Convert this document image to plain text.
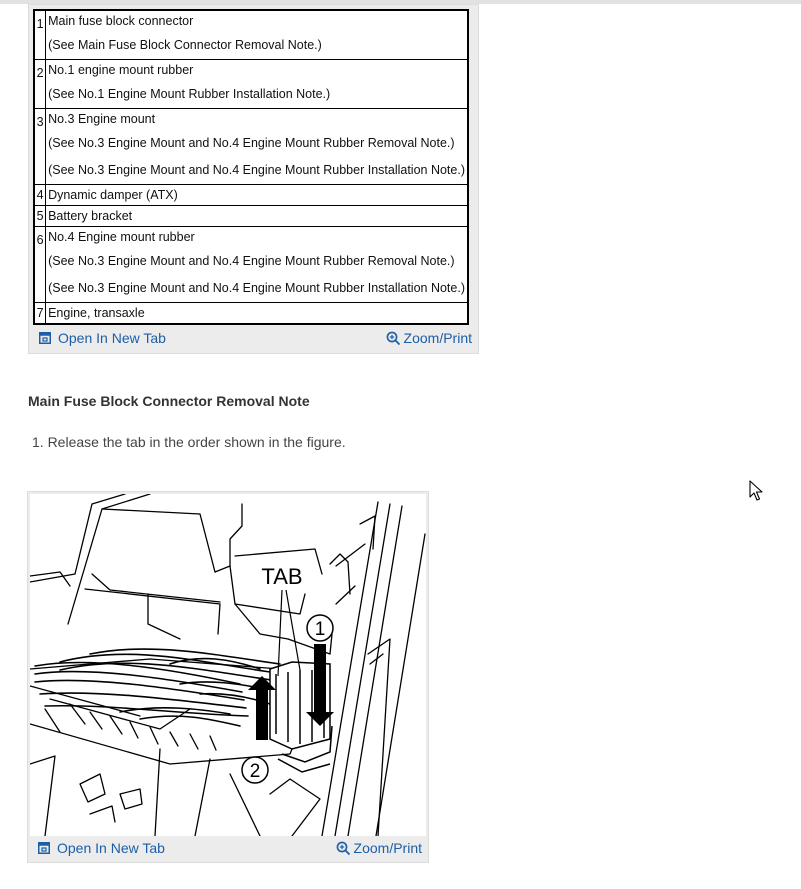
1	Main fuse block connector
(See Main Fuse Block Connector Removal Note.)

2	No.1 engine mount rubber
(See No.1 Engine Mount Rubber Installation Note.)

3	No.3 Engine mount
(See No.3 Engine Mount and No.4 Engine Mount Rubber Removal Note.)
(See No.3 Engine Mount and No.4 Engine Mount Rubber Installation Note.)

4	Dynamic damper (ATX)

5	Battery bracket

6	No.4 Engine mount rubber
(See No.3 Engine Mount and No.4 Engine Mount Rubber Removal Note.)
(See No.3 Engine Mount and No.4 Engine Mount Rubber Installation Note.)

7	Engine, transaxle
Open In New Tab	Zoom/Print
Main Fuse Block Connector Removal Note
1. Release the tab in the order shown in the figure.
TAB
1
2
Open In New Tab	Zoom/Print
